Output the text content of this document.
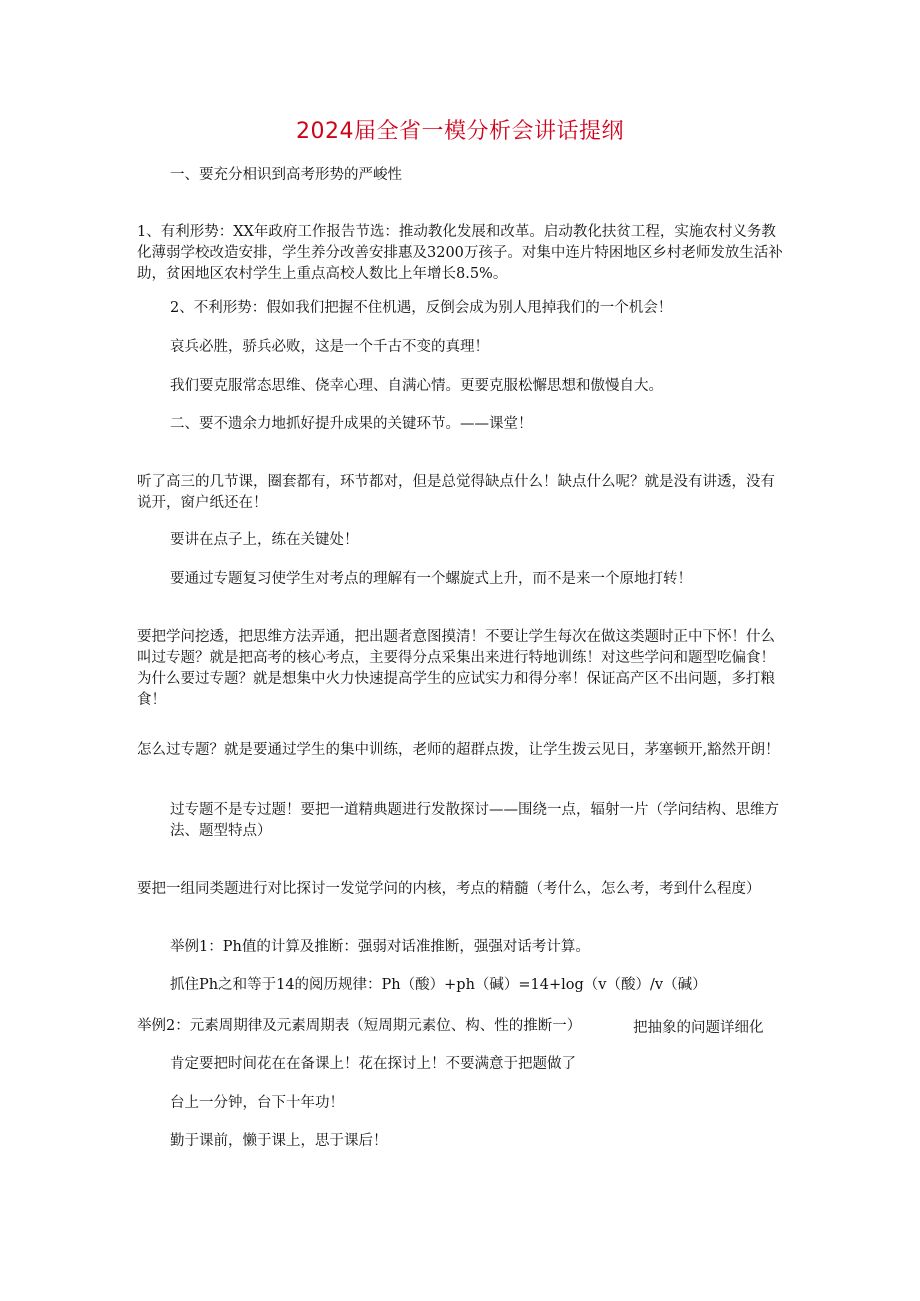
2024届全省一模分析会讲话提纲

一、要充分相识到高考形势的严峻性

1、有利形势：XX年政府工作报告节选：推动教化发展和改革。启动教化扶贫工程，实施农村义务教化薄弱学校改造安排，学生养分改善安排惠及3200万孩子。对集中连片特困地区乡村老师发放生活补助，贫困地区农村学生上重点高校人数比上年增长8.5%。

2、不利形势：假如我们把握不住机遇，反倒会成为别人甩掉我们的一个机会！

哀兵必胜，骄兵必败，这是一个千古不变的真理！

我们要克服常态思维、侥幸心理、自满心情。更要克服松懈思想和傲慢自大。

二、要不遗余力地抓好提升成果的关键环节。——课堂！

听了高三的几节课，圈套都有，环节都对，但是总觉得缺点什么！缺点什么呢？就是没有讲透，没有说开，窗户纸还在！

要讲在点子上，练在关键处！

要通过专题复习使学生对考点的理解有一个螺旋式上升，而不是来一个原地打转！

要把学问挖透，把思维方法弄通，把出题者意图摸清！不要让学生每次在做这类题时正中下怀！什么叫过专题？就是把高考的核心考点，主要得分点采集出来进行特地训练！对这些学问和题型吃偏食！为什么要过专题？就是想集中火力快速提高学生的应试实力和得分率！保证高产区不出问题，多打粮食！

怎么过专题？就是要通过学生的集中训练，老师的超群点拨，让学生拨云见日，茅塞顿开,豁然开朗！

过专题不是专过题！要把一道精典题进行发散探讨——围绕一点，辐射一片（学问结构、思维方法、题型特点）

要把一组同类题进行对比探讨一发觉学问的内核，考点的精髓（考什么，怎么考，考到什么程度）

举例1：Ph值的计算及推断：强弱对话准推断，强强对话考计算。

抓住Ph之和等于14的阅历规律：Ph（酸）+ph（碱）=14+log（v（酸）/v（碱）

举例2：元素周期律及元素周期表（短周期元素位、构、性的推断一）	把抽象的问题详细化

肯定要把时间花在在备课上！花在探讨上！不要满意于把题做了

台上一分钟，台下十年功！

勤于课前，懒于课上，思于课后！
